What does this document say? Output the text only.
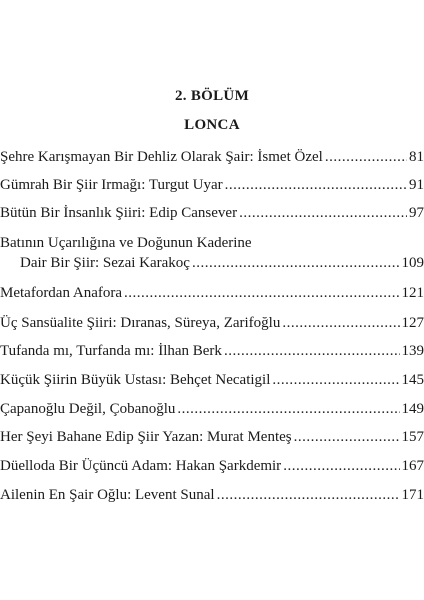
2. BÖLÜM
LONCA
Şehre Karışmayan Bir Dehliz Olarak Şair: İsmet Özel .....	81
Gümrah Bir Şiir Irmağı: Turgut Uyar .....	91
Bütün Bir İnsanlık Şiiri: Edip Cansever .....	97
Batının Uçarılığına ve Doğunun Kaderine
Dair Bir Şiir: Sezai Karakoç .....	109
Metafordan Anafora .....	121
Üç Sansüalite Şiiri: Dıranas, Süreya, Zarifoğlu .....	127
Tufanda mı, Turfanda mı: İlhan Berk .....	139
Küçük Şiirin Büyük Ustası: Behçet Necatigil .....	145
Çapanoğlu Değil, Çobanoğlu .....	149
Her Şeyi Bahane Edip Şiir Yazan: Murat Menteş .....	157
Düelloda Bir Üçüncü Adam: Hakan Şarkdemir .....	167
Ailenin En Şair Oğlu: Levent Sunal .....	171
